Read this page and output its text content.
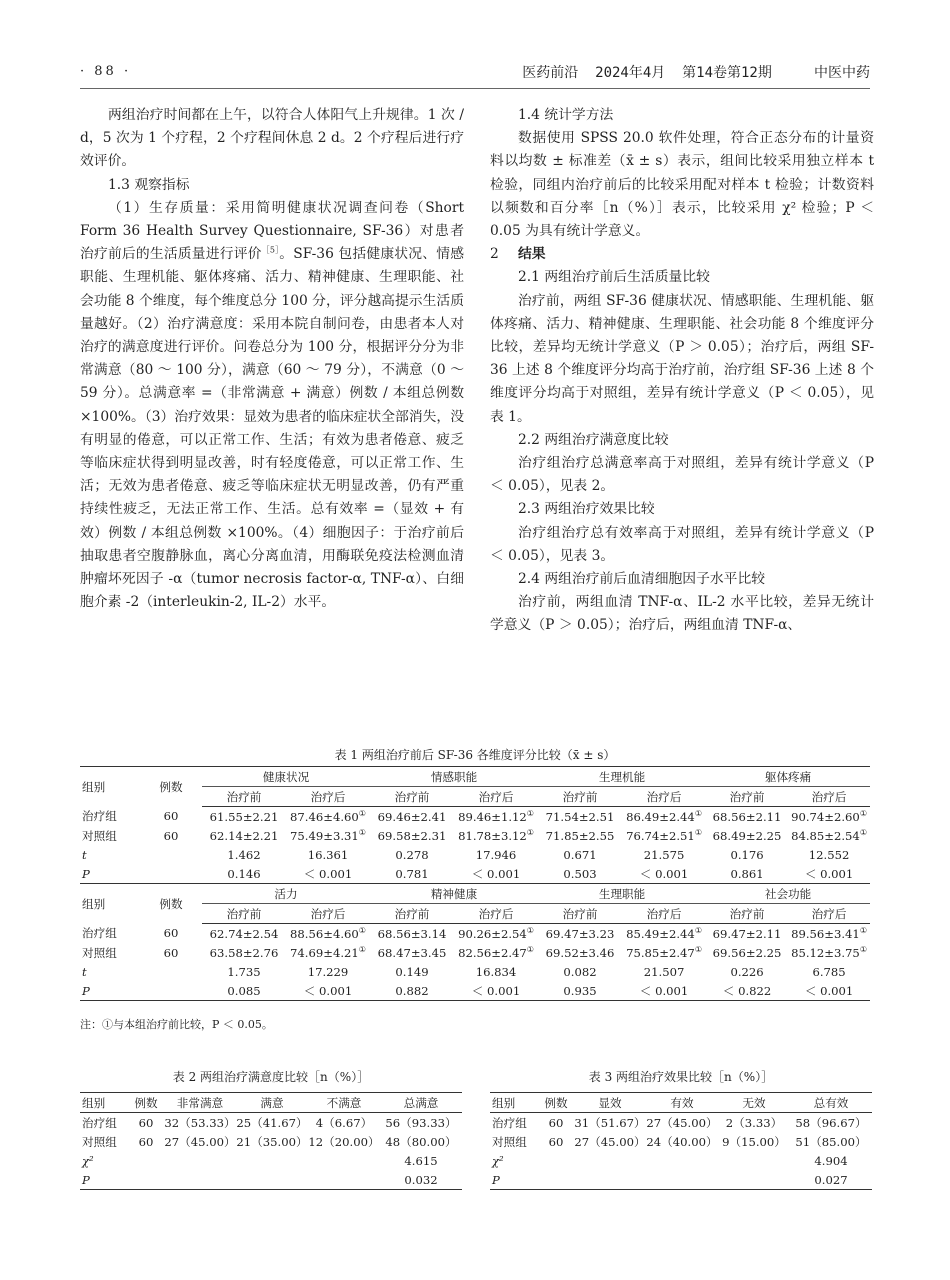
· 88 ·	医药前沿  2024年4月  第14卷第12期     中医中药

两组治疗时间都在上午，以符合人体阳气上升规律。1 次 / d，5 次为 1 个疗程，2 个疗程间休息 2 d。2 个疗程后进行疗效评价。

1.3 观察指标

（1）生存质量：采用简明健康状况调查问卷（Short Form 36 Health Survey Questionnaire, SF-36）对患者治疗前后的生活质量进行评价$^{[5]}$。SF-36 包括健康状况、情感职能、生理机能、躯体疼痛、活力、精神健康、生理职能、社会功能 8 个维度，每个维度总分 100 分，评分越高提示生活质量越好。（2）治疗满意度：采用本院自制问卷，由患者本人对治疗的满意度进行评价。问卷总分为 100 分，根据评分分为非常满意（80 ～ 100 分），满意（60 ～ 79 分），不满意（0 ～ 59 分）。总满意率 =（非常满意 + 满意）例数 / 本组总例数 ×100%。（3）治疗效果：显效为患者的临床症状全部消失，没有明显的倦意，可以正常工作、生活；有效为患者倦意、疲乏等临床症状得到明显改善，时有轻度倦意，可以正常工作、生活；无效为患者倦意、疲乏等临床症状无明显改善，仍有严重持续性疲乏，无法正常工作、生活。总有效率 =（显效 + 有效）例数 / 本组总例数 ×100%。（4）细胞因子：于治疗前后抽取患者空腹静脉血，离心分离血清，用酶联免疫法检测血清肿瘤坏死因子 -α（tumor necrosis factor-α, TNF-α）、白细胞介素 -2（interleukin-2, IL-2）水平。

1.4 统计学方法

数据使用 SPSS 20.0 软件处理，符合正态分布的计量资料以均数 ± 标准差（x̄ ± s）表示，组间比较采用独立样本 t 检验，同组内治疗前后的比较采用配对样本 t 检验；计数资料以频数和百分率［n（%）］表示，比较采用 χ² 检验；P ＜ 0.05 为具有统计学意义。

2 结果

2.1 两组治疗前后生活质量比较

治疗前，两组 SF-36 健康状况、情感职能、生理机能、躯体疼痛、活力、精神健康、生理职能、社会功能 8 个维度评分比较，差异均无统计学意义（P ＞ 0.05）；治疗后，两组 SF-36 上述 8 个维度评分均高于治疗前，治疗组 SF-36 上述 8 个维度评分均高于对照组，差异有统计学意义（P ＜ 0.05），见表 1。

2.2 两组治疗满意度比较

治疗组治疗总满意率高于对照组，差异有统计学意义（P ＜ 0.05），见表 2。

2.3 两组治疗效果比较

治疗组治疗总有效率高于对照组，差异有统计学意义（P ＜ 0.05），见表 3。

2.4 两组治疗前后血清细胞因子水平比较

治疗前，两组血清 TNF-α、IL-2 水平比较，差异无统计学意义（P ＞ 0.05）；治疗后，两组血清 TNF-α、

表 1 两组治疗前后 SF-36 各维度评分比较（x̄ ± s）
组别	例数	健康状况		情感职能		生理机能		躯体疼痛	
		治疗前	治疗后	治疗前	治疗后	治疗前	治疗后	治疗前	治疗后
治疗组	60	61.55±2.21	87.46±4.60①	69.46±2.41	89.46±1.12①	71.54±2.51	86.49±2.44①	68.56±2.11	90.74±2.60①
对照组	60	62.14±2.21	75.49±3.31①	69.58±2.31	81.78±3.12①	71.85±2.55	76.74±2.51①	68.49±2.25	84.85±2.54①
t		1.462	16.361	0.278	17.946	0.671	21.575	0.176	12.552
P		0.146	＜ 0.001	0.781	＜ 0.001	0.503	＜ 0.001	0.861	＜ 0.001
组别	例数	活力		精神健康		生理职能		社会功能	
		治疗前	治疗后	治疗前	治疗后	治疗前	治疗后	治疗前	治疗后
治疗组	60	62.74±2.54	88.56±4.60①	68.56±3.14	90.26±2.54①	69.47±3.23	85.49±2.44①	69.47±2.11	89.56±3.41①
对照组	60	63.58±2.76	74.69±4.21①	68.47±3.45	82.56±2.47①	69.52±3.46	75.85±2.47①	69.56±2.25	85.12±3.75①
t		1.735	17.229	0.149	16.834	0.082	21.507	0.226	6.785
P		0.085	＜ 0.001	0.882	＜ 0.001	0.935	＜ 0.001	＜ 0.822	＜ 0.001
注：①与本组治疗前比较，P ＜ 0.05。
表 2 两组治疗满意度比较［n（%）］
组别	例数	非常满意	满意	不满意	总满意
治疗组	60	32（53.33）	25（41.67）	4（6.67）	56（93.33）
对照组	60	27（45.00）	21（35.00）	12（20.00）	48（80.00）
χ²					4.615
P					0.032
表 3 两组治疗效果比较［n（%）］
组别	例数	显效	有效	无效	总有效
治疗组	60	31（51.67）	27（45.00）	2（3.33）	58（96.67）
对照组	60	27（45.00）	24（40.00）	9（15.00）	51（85.00）
χ²					4.904
P					0.027
